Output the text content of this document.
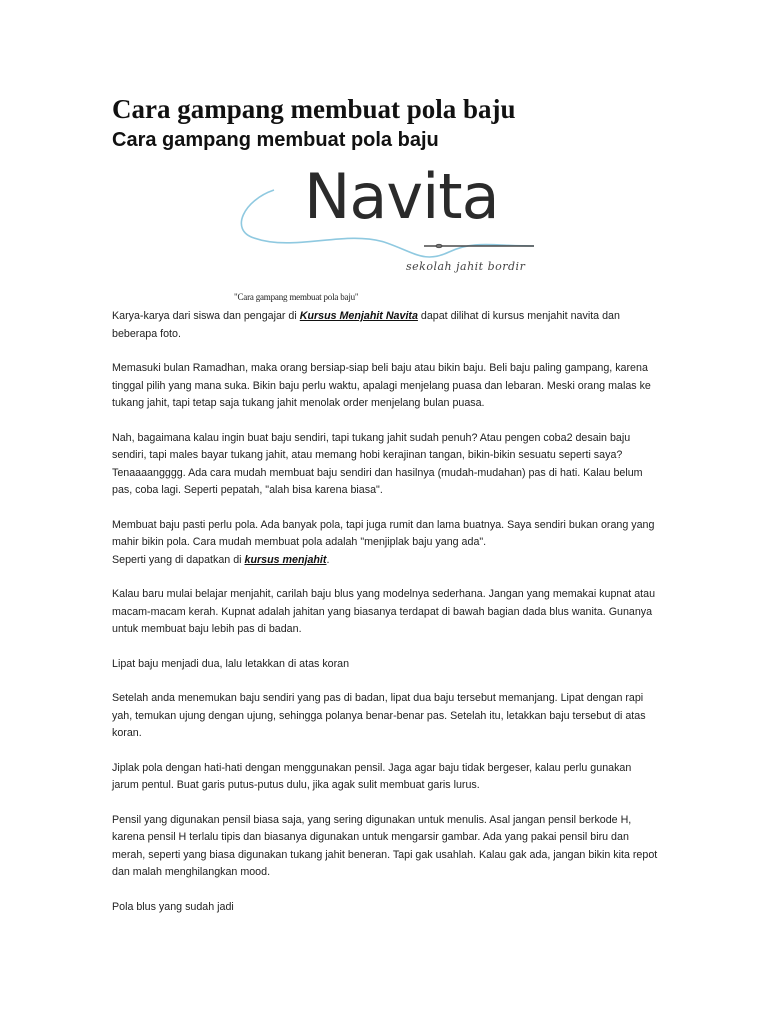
Cara gampang membuat pola baju
Cara gampang membuat pola baju
Navita
sekolah jahit bordir
"Cara gampang membuat pola baju"

Karya-karya dari siswa dan pengajar di Kursus Menjahit Navita dapat dilihat di kursus menjahit navita dan beberapa foto.

Memasuki bulan Ramadhan, maka orang bersiap-siap beli baju atau bikin baju. Beli baju paling gampang, karena tinggal pilih yang mana suka. Bikin baju perlu waktu, apalagi menjelang puasa dan lebaran. Meski orang malas ke tukang jahit, tapi tetap saja tukang jahit menolak order menjelang bulan puasa.

Nah, bagaimana kalau ingin buat baju sendiri, tapi tukang jahit sudah penuh? Atau pengen coba2 desain baju sendiri, tapi males bayar tukang jahit, atau memang hobi kerajinan tangan, bikin-bikin sesuatu seperti saya? Tenaaaangggg. Ada cara mudah membuat baju sendiri dan hasilnya (mudah-mudahan) pas di hati. Kalau belum pas, coba lagi. Seperti pepatah, "alah bisa karena biasa".

Membuat baju pasti perlu pola. Ada banyak pola, tapi juga rumit dan lama buatnya. Saya sendiri bukan orang yang mahir bikin pola. Cara mudah membuat pola adalah "menjiplak baju yang ada".
Seperti yang di dapatkan di kursus menjahit.

Kalau baru mulai belajar menjahit, carilah baju blus yang modelnya sederhana. Jangan yang memakai kupnat atau macam-macam kerah. Kupnat adalah jahitan yang biasanya terdapat di bawah bagian dada blus wanita. Gunanya untuk membuat baju lebih pas di badan.

Lipat baju menjadi dua, lalu letakkan di atas koran

Setelah anda menemukan baju sendiri yang pas di badan, lipat dua baju tersebut memanjang. Lipat dengan rapi yah, temukan ujung dengan ujung, sehingga polanya benar-benar pas. Setelah itu, letakkan baju tersebut di atas koran.

Jiplak pola dengan hati-hati dengan menggunakan pensil. Jaga agar baju tidak bergeser, kalau perlu gunakan jarum pentul. Buat garis putus-putus dulu, jika agak sulit membuat garis lurus.

Pensil yang digunakan pensil biasa saja, yang sering digunakan untuk menulis. Asal jangan pensil berkode H, karena pensil H terlalu tipis dan biasanya digunakan untuk mengarsir gambar. Ada yang pakai pensil biru dan merah, seperti yang biasa digunakan tukang jahit beneran. Tapi gak usahlah. Kalau gak ada, jangan bikin kita repot dan malah menghilangkan mood.

Pola blus yang sudah jadi
